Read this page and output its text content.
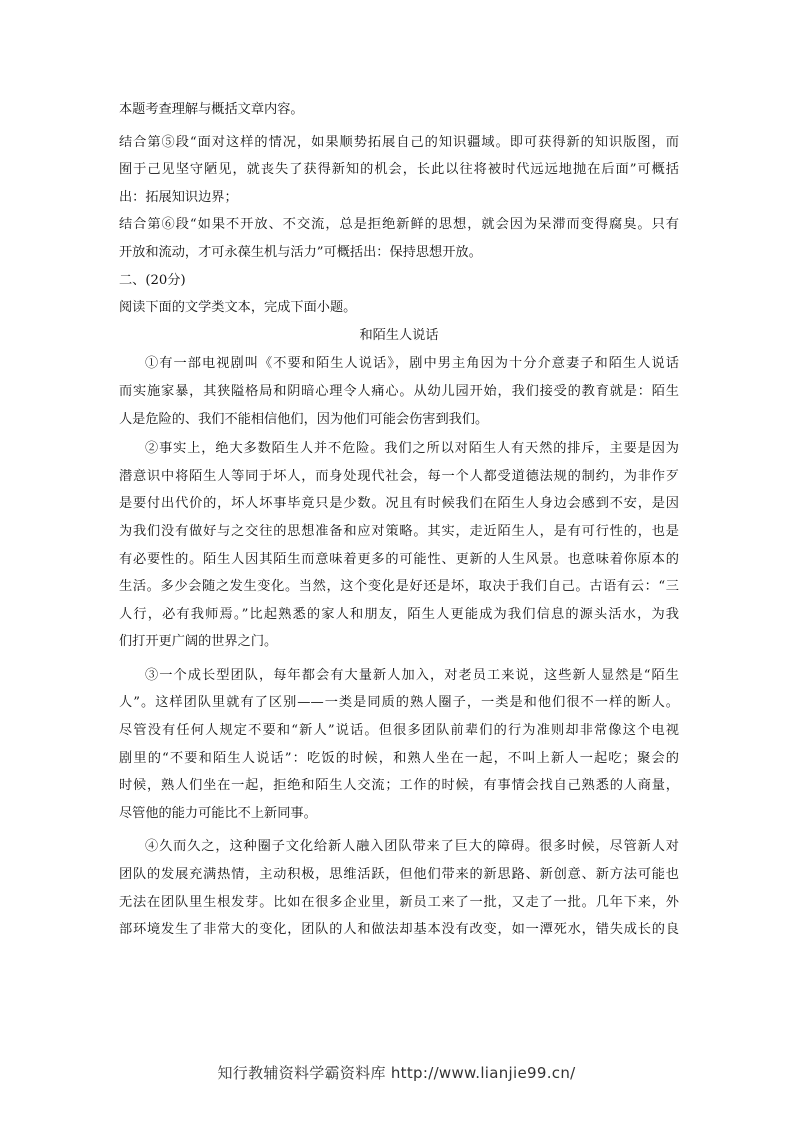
本题考查理解与概括文章内容。

结合第⑤段“面对这样的情况，如果顺势拓展自己的知识疆域。即可获得新的知识版图，而

囿于己见坚守陋见，就丧失了获得新知的机会，长此以往将被时代远远地抛在后面”可概括

出：拓展知识边界；

结合第⑥段“如果不开放、不交流，总是拒绝新鲜的思想，就会因为呆滞而变得腐臭。只有

开放和流动，才可永葆生机与活力”可概括出：保持思想开放。

二、(20分)
阅读下面的文学类文本，完成下面小题。
和陌生人说话

①有一部电视剧叫《不要和陌生人说话》，剧中男主角因为十分介意妻子和陌生人说话

而实施家暴，其狭隘格局和阴暗心理令人痛心。从幼儿园开始，我们接受的教育就是：陌生

人是危险的、我们不能相信他们，因为他们可能会伤害到我们。

②事实上，绝大多数陌生人并不危险。我们之所以对陌生人有天然的排斥，主要是因为

潜意识中将陌生人等同于坏人，而身处现代社会，每一个人都受道德法规的制约，为非作歹

是要付出代价的，坏人坏事毕竟只是少数。况且有时候我们在陌生人身边会感到不安，是因

为我们没有做好与之交往的思想准备和应对策略。其实，走近陌生人，是有可行性的，也是

有必要性的。陌生人因其陌生而意味着更多的可能性、更新的人生风景。也意味着你原本的

生活。多少会随之发生变化。当然，这个变化是好还是坏，取决于我们自己。古语有云：“三

人行，必有我师焉。”比起熟悉的家人和朋友，陌生人更能成为我们信息的源头活水，为我

们打开更广阔的世界之门。

③一个成长型团队，每年都会有大量新人加入，对老员工来说，这些新人显然是“陌生

人”。这样团队里就有了区别——一类是同质的熟人圈子，一类是和他们很不一样的断人。

尽管没有任何人规定不要和“新人”说话。但很多团队前辈们的行为准则却非常像这个电视

剧里的“不要和陌生人说话”：吃饭的时候，和熟人坐在一起，不叫上新人一起吃；聚会的

时候，熟人们坐在一起，拒绝和陌生人交流；工作的时候，有事情会找自己熟悉的人商量，

尽管他的能力可能比不上新同事。

④久而久之，这种圈子文化给新人融入团队带来了巨大的障碍。很多时候，尽管新人对

团队的发展充满热情，主动积极，思维活跃，但他们带来的新思路、新创意、新方法可能也

无法在团队里生根发芽。比如在很多企业里，新员工来了一批，又走了一批。几年下来，外

部环境发生了非常大的变化，团队的人和做法却基本没有改变，如一潭死水，错失成长的良

知行教辅资料学霸资料库 http://www.lianjie99.cn/
